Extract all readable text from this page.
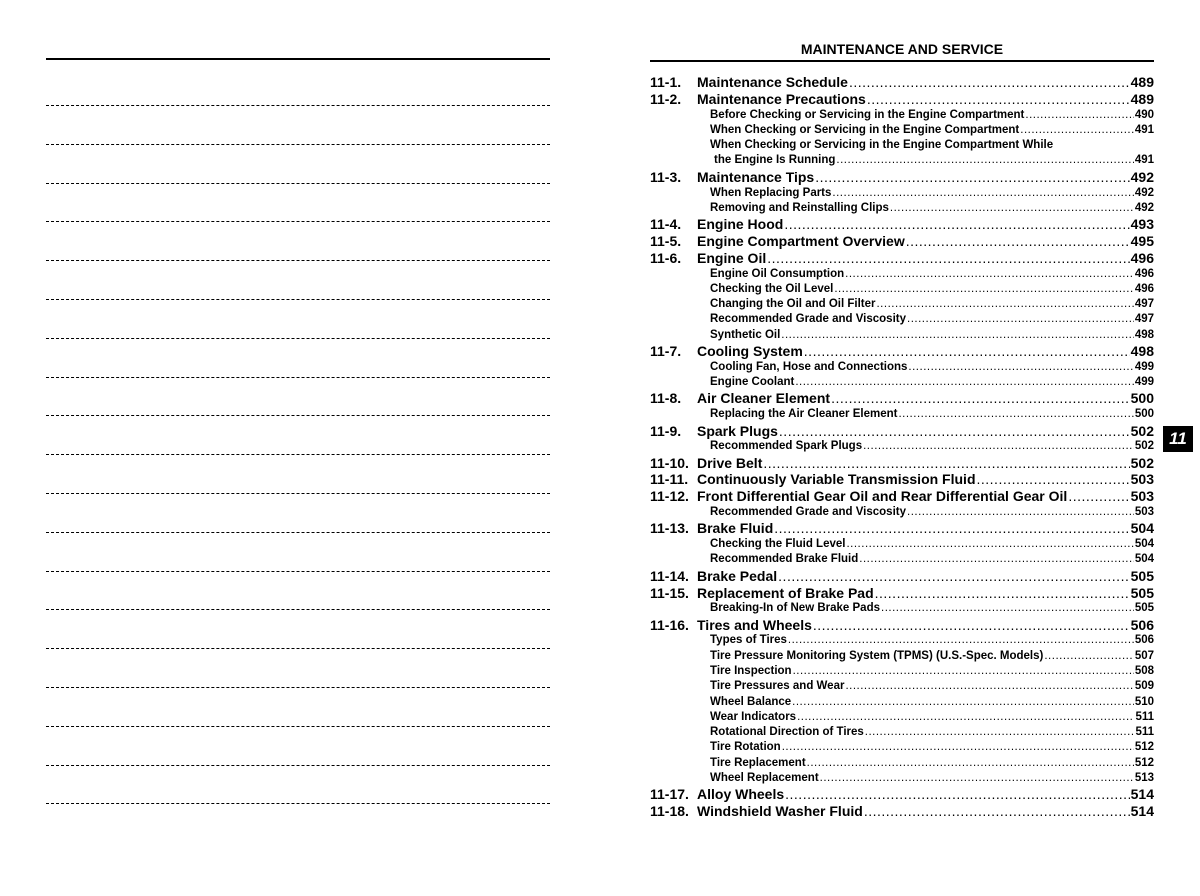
MAINTENANCE AND SERVICE
11-1.	Maintenance Schedule .....	489
11-2.	Maintenance Precautions .....	489
Before Checking or Servicing in the Engine Compartment .....	490
When Checking or Servicing in the Engine Compartment .....	491
When Checking or Servicing in the Engine Compartment While
the Engine Is Running .....	491
11-3.	Maintenance Tips .....	492
When Replacing Parts .....	492
Removing and Reinstalling Clips .....	492
11-4.	Engine Hood .....	493
11-5.	Engine Compartment Overview .....	495
11-6.	Engine Oil .....	496
Engine Oil Consumption .....	496
Checking the Oil Level .....	496
Changing the Oil and Oil Filter .....	497
Recommended Grade and Viscosity .....	497
Synthetic Oil .....	498
11-7.	Cooling System .....	498
Cooling Fan, Hose and Connections .....	499
Engine Coolant .....	499
11-8.	Air Cleaner Element .....	500
Replacing the Air Cleaner Element .....	500
11-9.	Spark Plugs .....	502
Recommended Spark Plugs .....	502
11-10. Drive Belt .....	502
11-11. Continuously Variable Transmission Fluid .....	503
11-12. Front Differential Gear Oil and Rear Differential Gear Oil .....	503
Recommended Grade and Viscosity .....	503
11-13. Brake Fluid .....	504
Checking the Fluid Level .....	504
Recommended Brake Fluid .....	504
11-14. Brake Pedal .....	505
11-15. Replacement of Brake Pad .....	505
Breaking-In of New Brake Pads .....	505
11-16. Tires and Wheels .....	506
Types of Tires .....	506
Tire Pressure Monitoring System (TPMS) (U.S.-Spec. Models) .....	507
Tire Inspection .....	508
Tire Pressures and Wear .....	509
Wheel Balance .....	510
Wear Indicators .....	511
Rotational Direction of Tires .....	511
Tire Rotation .....	512
Tire Replacement .....	512
Wheel Replacement .....	513
11-17. Alloy Wheels .....	514
11-18. Windshield Washer Fluid .....	514
11
